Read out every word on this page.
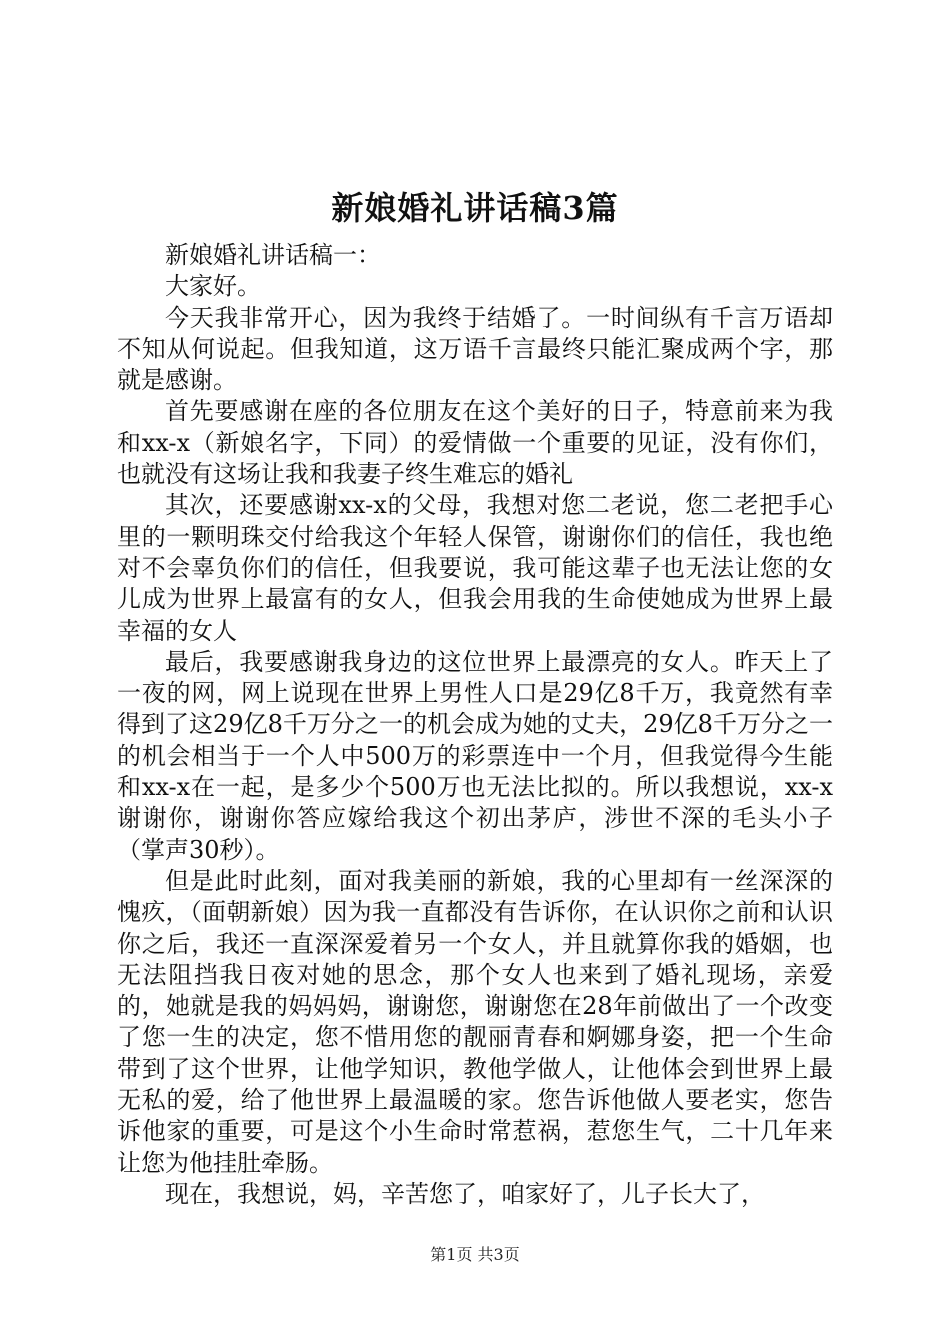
新娘婚礼讲话稿3篇

新娘婚礼讲话稿一：

大家好。

今天我非常开心，因为我终于结婚了。一时间纵有千言万语却不知从何说起。但我知道，这万语千言最终只能汇聚成两个字，那就是感谢。

首先要感谢在座的各位朋友在这个美好的日子，特意前来为我和xx-x（新娘名字，下同）的爱情做一个重要的见证，没有你们，也就没有这场让我和我妻子终生难忘的婚礼

其次，还要感谢xx-x的父母，我想对您二老说，您二老把手心里的一颗明珠交付给我这个年轻人保管，谢谢你们的信任，我也绝对不会辜负你们的信任，但我要说，我可能这辈子也无法让您的女儿成为世界上最富有的女人，但我会用我的生命使她成为世界上最幸福的女人

最后，我要感谢我身边的这位世界上最漂亮的女人。昨天上了一夜的网，网上说现在世界上男性人口是29亿8千万，我竟然有幸得到了这29亿8千万分之一的机会成为她的丈夫，29亿8千万分之一的机会相当于一个人中500万的彩票连中一个月，但我觉得今生能和xx-x在一起，是多少个500万也无法比拟的。所以我想说，xx-x谢谢你，谢谢你答应嫁给我这个初出茅庐，涉世不深的毛头小子（掌声30秒）。

但是此时此刻，面对我美丽的新娘，我的心里却有一丝深深的愧疚，（面朝新娘）因为我一直都没有告诉你，在认识你之前和认识你之后，我还一直深深爱着另一个女人，并且就算你我的婚姻，也无法阻挡我日夜对她的思念，那个女人也来到了婚礼现场，亲爱的，她就是我的妈妈妈，谢谢您，谢谢您在28年前做出了一个改变了您一生的决定，您不惜用您的靓丽青春和婀娜身姿，把一个生命带到了这个世界，让他学知识，教他学做人，让他体会到世界上最无私的爱，给了他世界上最温暖的家。您告诉他做人要老实，您告诉他家的重要，可是这个小生命时常惹祸，惹您生气，二十几年来让您为他挂肚牵肠。

现在，我想说，妈，辛苦您了，咱家好了，儿子长大了，

第1页 共3页
